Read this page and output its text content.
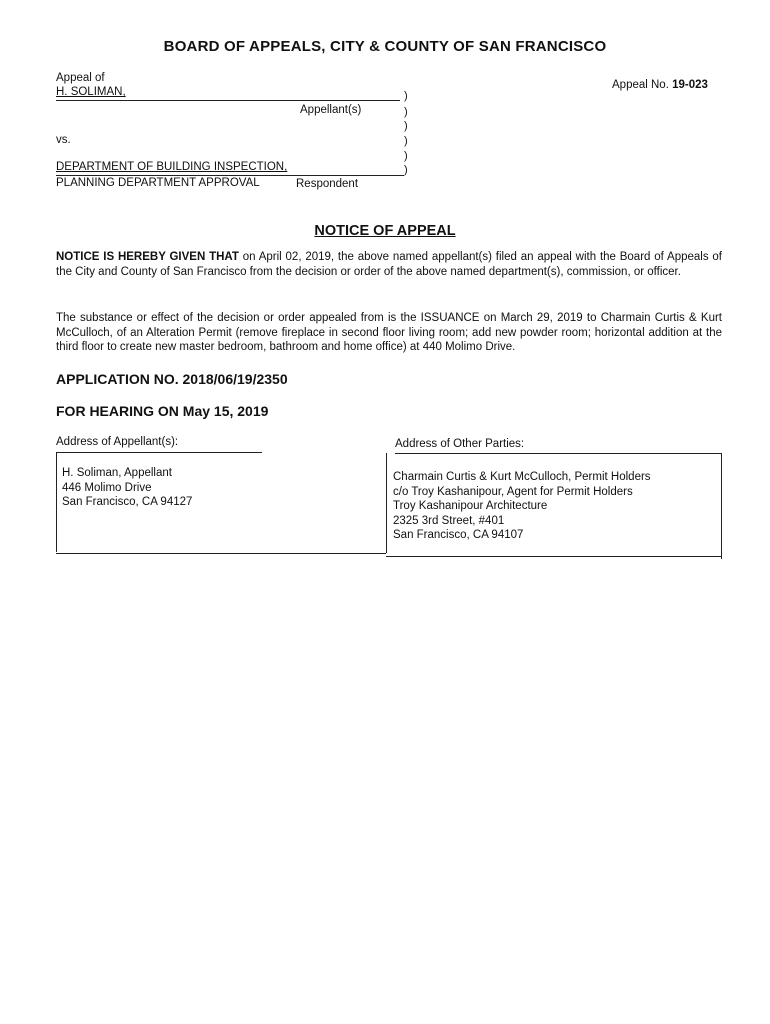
BOARD OF APPEALS, CITY & COUNTY OF SAN FRANCISCO
Appeal of
H. SOLIMAN,
Appellant(s)
vs.
DEPARTMENT OF BUILDING INSPECTION,
PLANNING DEPARTMENT APPROVAL	Respondent
)
)
)
)
)
)
Appeal No. 19-023
NOTICE OF APPEAL
NOTICE IS HEREBY GIVEN THAT on April 02, 2019, the above named appellant(s) filed an appeal with the Board of Appeals of the City and County of San Francisco from the decision or order of the above named department(s), commission, or officer.
The substance or effect of the decision or order appealed from is the ISSUANCE on March 29, 2019 to Charmain Curtis & Kurt McCulloch, of an Alteration Permit (remove fireplace in second floor living room; add new powder room; horizontal addition at the third floor to create new master bedroom, bathroom and home office) at 440 Molimo Drive.
APPLICATION NO. 2018/06/19/2350
FOR HEARING ON May 15, 2019
Address of Appellant(s):	Address of Other Parties:
H. Soliman, Appellant
446 Molimo Drive
San Francisco, CA 94127
Charmain Curtis & Kurt McCulloch, Permit Holders
c/o Troy Kashanipour, Agent for Permit Holders
Troy Kashanipour Architecture
2325 3rd Street, #401
San Francisco, CA 94107
